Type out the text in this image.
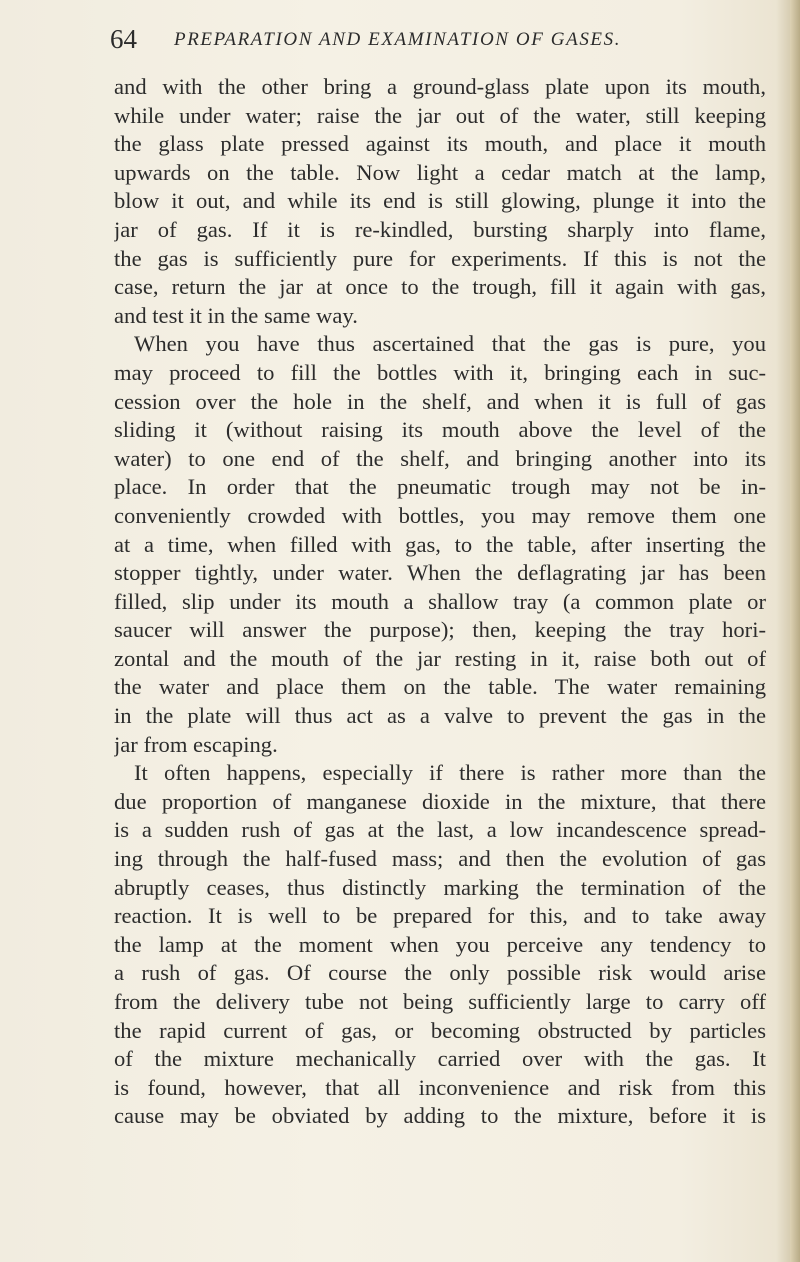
64 PREPARATION AND EXAMINATION OF GASES.
and with the other bring a ground-glass plate upon its mouth,
while under water; raise the jar out of the water, still keeping
the glass plate pressed against its mouth, and place it mouth
upwards on the table. Now light a cedar match at the lamp,
blow it out, and while its end is still glowing, plunge it into the
jar of gas. If it is re-kindled, bursting sharply into flame,
the gas is sufficiently pure for experiments. If this is not the
case, return the jar at once to the trough, fill it again with gas,
and test it in the same way.
When you have thus ascertained that the gas is pure, you
may proceed to fill the bottles with it, bringing each in suc-
cession over the hole in the shelf, and when it is full of gas
sliding it (without raising its mouth above the level of the
water) to one end of the shelf, and bringing another into its
place. In order that the pneumatic trough may not be in-
conveniently crowded with bottles, you may remove them one
at a time, when filled with gas, to the table, after inserting the
stopper tightly, under water. When the deflagrating jar has been
filled, slip under its mouth a shallow tray (a common plate or
saucer will answer the purpose); then, keeping the tray hori-
zontal and the mouth of the jar resting in it, raise both out of
the water and place them on the table. The water remaining
in the plate will thus act as a valve to prevent the gas in the
jar from escaping.
It often happens, especially if there is rather more than the
due proportion of manganese dioxide in the mixture, that there
is a sudden rush of gas at the last, a low incandescence spread-
ing through the half-fused mass; and then the evolution of gas
abruptly ceases, thus distinctly marking the termination of the
reaction. It is well to be prepared for this, and to take away
the lamp at the moment when you perceive any tendency to
a rush of gas. Of course the only possible risk would arise
from the delivery tube not being sufficiently large to carry off
the rapid current of gas, or becoming obstructed by particles
of the mixture mechanically carried over with the gas. It
is found, however, that all inconvenience and risk from this
cause may be obviated by adding to the mixture, before it is
